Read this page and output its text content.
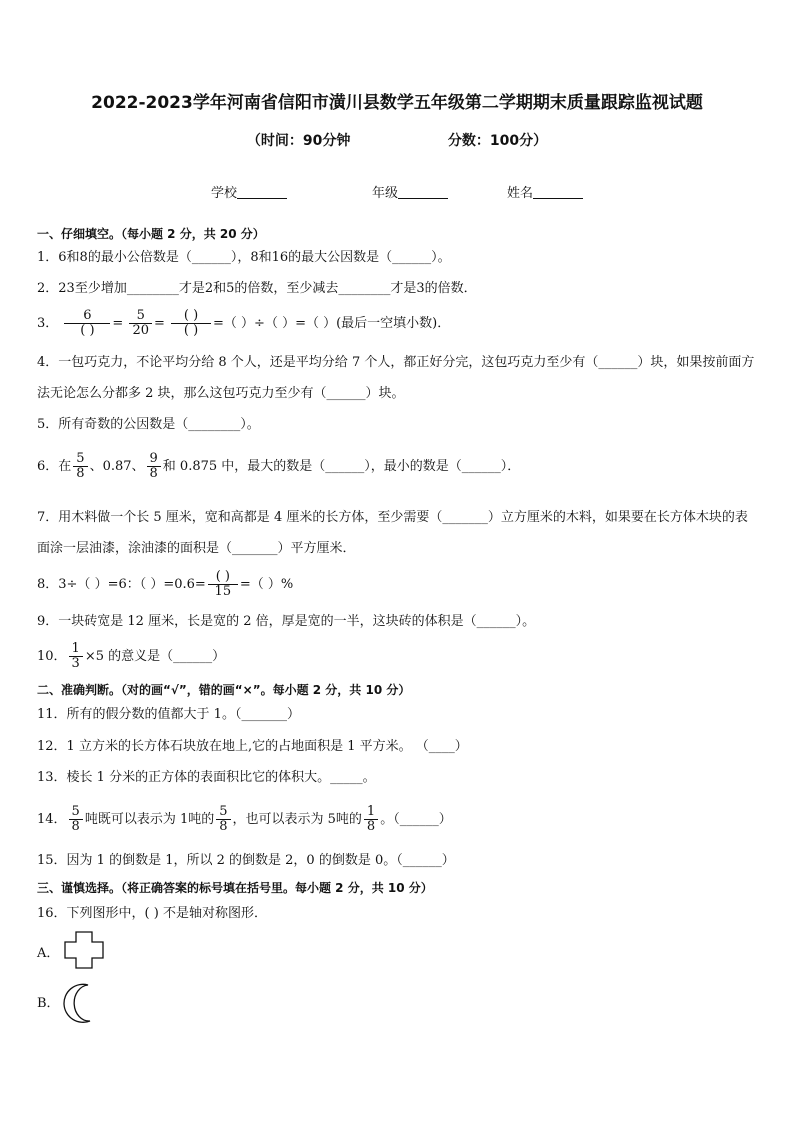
2022-2023学年河南省信阳市潢川县数学五年级第二学期期末质量跟踪监视试题
（时间：90分钟                    分数：100分）
学校	年级	姓名
一、仔细填空。（每小题 2 分，共 20 分）
1．6和8的最小公倍数是（______），8和16的最大公因数是（______）。
2．23至少增加________才是2和5的倍数，至少减去________才是3的倍数．
3． $\frac{6}{( )} = \frac{5}{20} = \frac{( )}{( )}$ =（ ）÷（ ）=（ ）(最后一空填小数)．
4．一包巧克力，不论平均分给 8 个人，还是平均分给 7 个人，都正好分完，这包巧克力至少有（______）块，如果按前面方法无论怎么分都多 2 块，那么这包巧克力至少有（______）块。
5．所有奇数的公因数是（________）。
6．在 $\frac{5}{8}$ 、0.87、 $\frac{9}{8}$ 和 0.875 中，最大的数是（______），最小的数是（______）．
7．用木料做一个长 5 厘米，宽和高都是 4 厘米的长方体，至少需要（_______）立方厘米的木料，如果要在长方体木块的表面涂一层油漆，涂油漆的面积是（_______）平方厘米．
8．3÷（ ）=6：（ ）$=0.6= \frac{( )}{15}$ =（ ）%
9．一块砖宽是 12 厘米，长是宽的 2 倍，厚是宽的一半，这块砖的体积是（______）。
10． $\frac{1}{3} \times 5$ 的意义是（______）
二、准确判断。（对的画“√”，错的画“×”。每小题 2 分，共 10 分）
11．所有的假分数的值都大于 1。（_______）
12．1 立方米的长方体石块放在地上,它的占地面积是 1 平方米。 （____）
13．棱长 1 分米的正方体的表面积比它的体积大。_____。
14． $\frac{5}{8}$ 吨既可以表示为 1吨的 $\frac{5}{8}$ ，也可以表示为 5吨的 $\frac{1}{8}$ 。（______）
15．因为 1 的倒数是 1，所以 2 的倒数是 2，0 的倒数是 0。（______）
三、谨慎选择。（将正确答案的标号填在括号里。每小题 2 分，共 10 分）
16．下列图形中，( ) 不是轴对称图形．
A．
B．
